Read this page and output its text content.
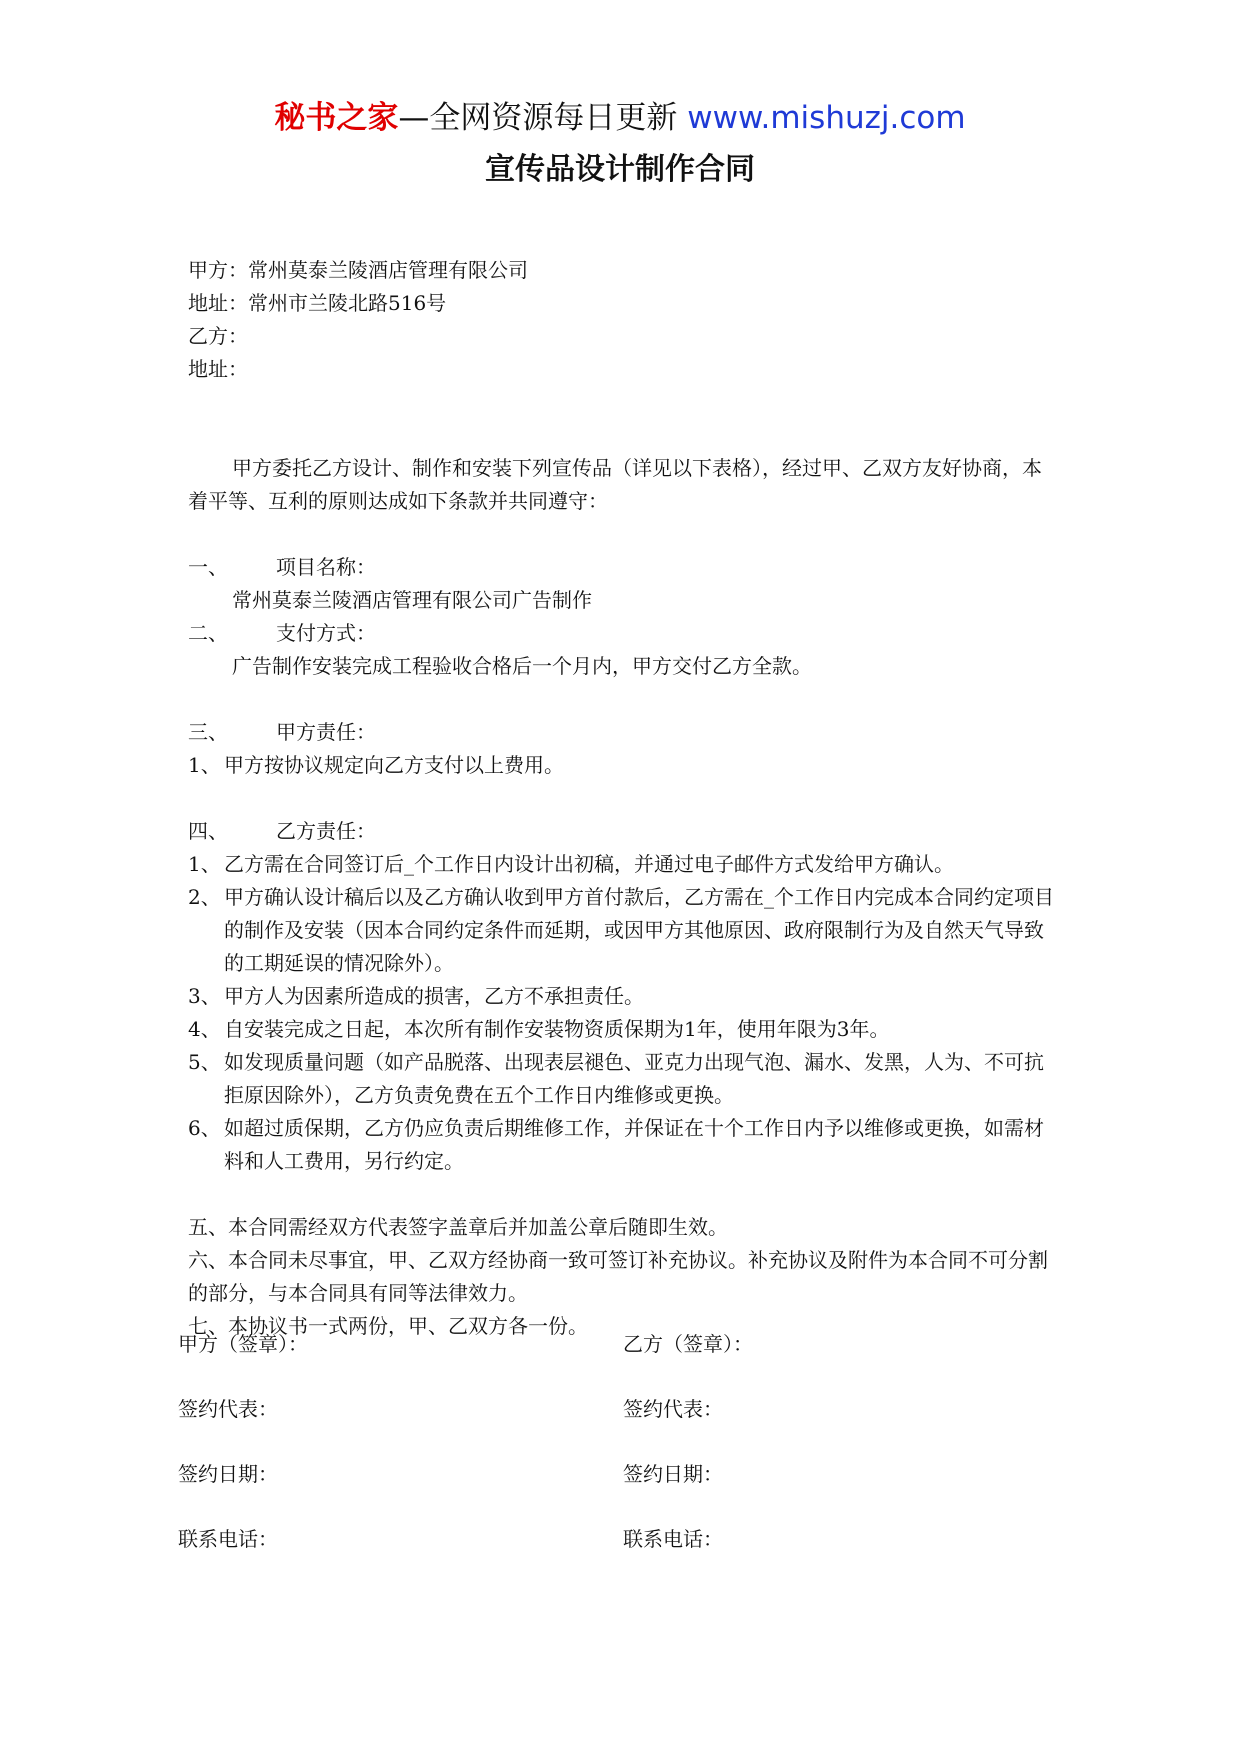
秘书之家—全网资源每日更新 www.mishuzj.com
宣传品设计制作合同

甲方：常州莫泰兰陵酒店管理有限公司

地址：常州市兰陵北路516号

乙方：

地址：

甲方委托乙方设计、制作和安装下列宣传品（详见以下表格），经过甲、乙双方友好协商，本着平等、互利的原则达成如下条款并共同遵守：

一、	项目名称：

常州莫泰兰陵酒店管理有限公司广告制作

二、	支付方式：

广告制作安装完成工程验收合格后一个月内，甲方交付乙方全款。

三、	甲方责任：
1、 甲方按协议规定向乙方支付以上费用。
四、	乙方责任：
1、 乙方需在合同签订后_个工作日内设计出初稿，并通过电子邮件方式发给甲方确认。
2、 甲方确认设计稿后以及乙方确认收到甲方首付款后，乙方需在_个工作日内完成本合同约定项目的制作及安装（因本合同约定条件而延期，或因甲方其他原因、政府限制行为及自然天气导致的工期延误的情况除外）。
3、 甲方人为因素所造成的损害，乙方不承担责任。
4、 自安装完成之日起，本次所有制作安装物资质保期为1年，使用年限为3年。
5、 如发现质量问题（如产品脱落、出现表层褪色、亚克力出现气泡、漏水、发黑，人为、不可抗拒原因除外），乙方负责免费在五个工作日内维修或更换。
6、 如超过质保期，乙方仍应负责后期维修工作，并保证在十个工作日内予以维修或更换，如需材料和人工费用，另行约定。

五、本合同需经双方代表签字盖章后并加盖公章后随即生效。

六、本合同未尽事宜，甲、乙双方经协商一致可签订补充协议。补充协议及附件为本合同不可分割的部分，与本合同具有同等法律效力。

七、本协议书一式两份，甲、乙双方各一份。

甲方（签章）：	乙方（签章）：
签约代表：	签约代表：
签约日期：	签约日期：
联系电话：	联系电话：
